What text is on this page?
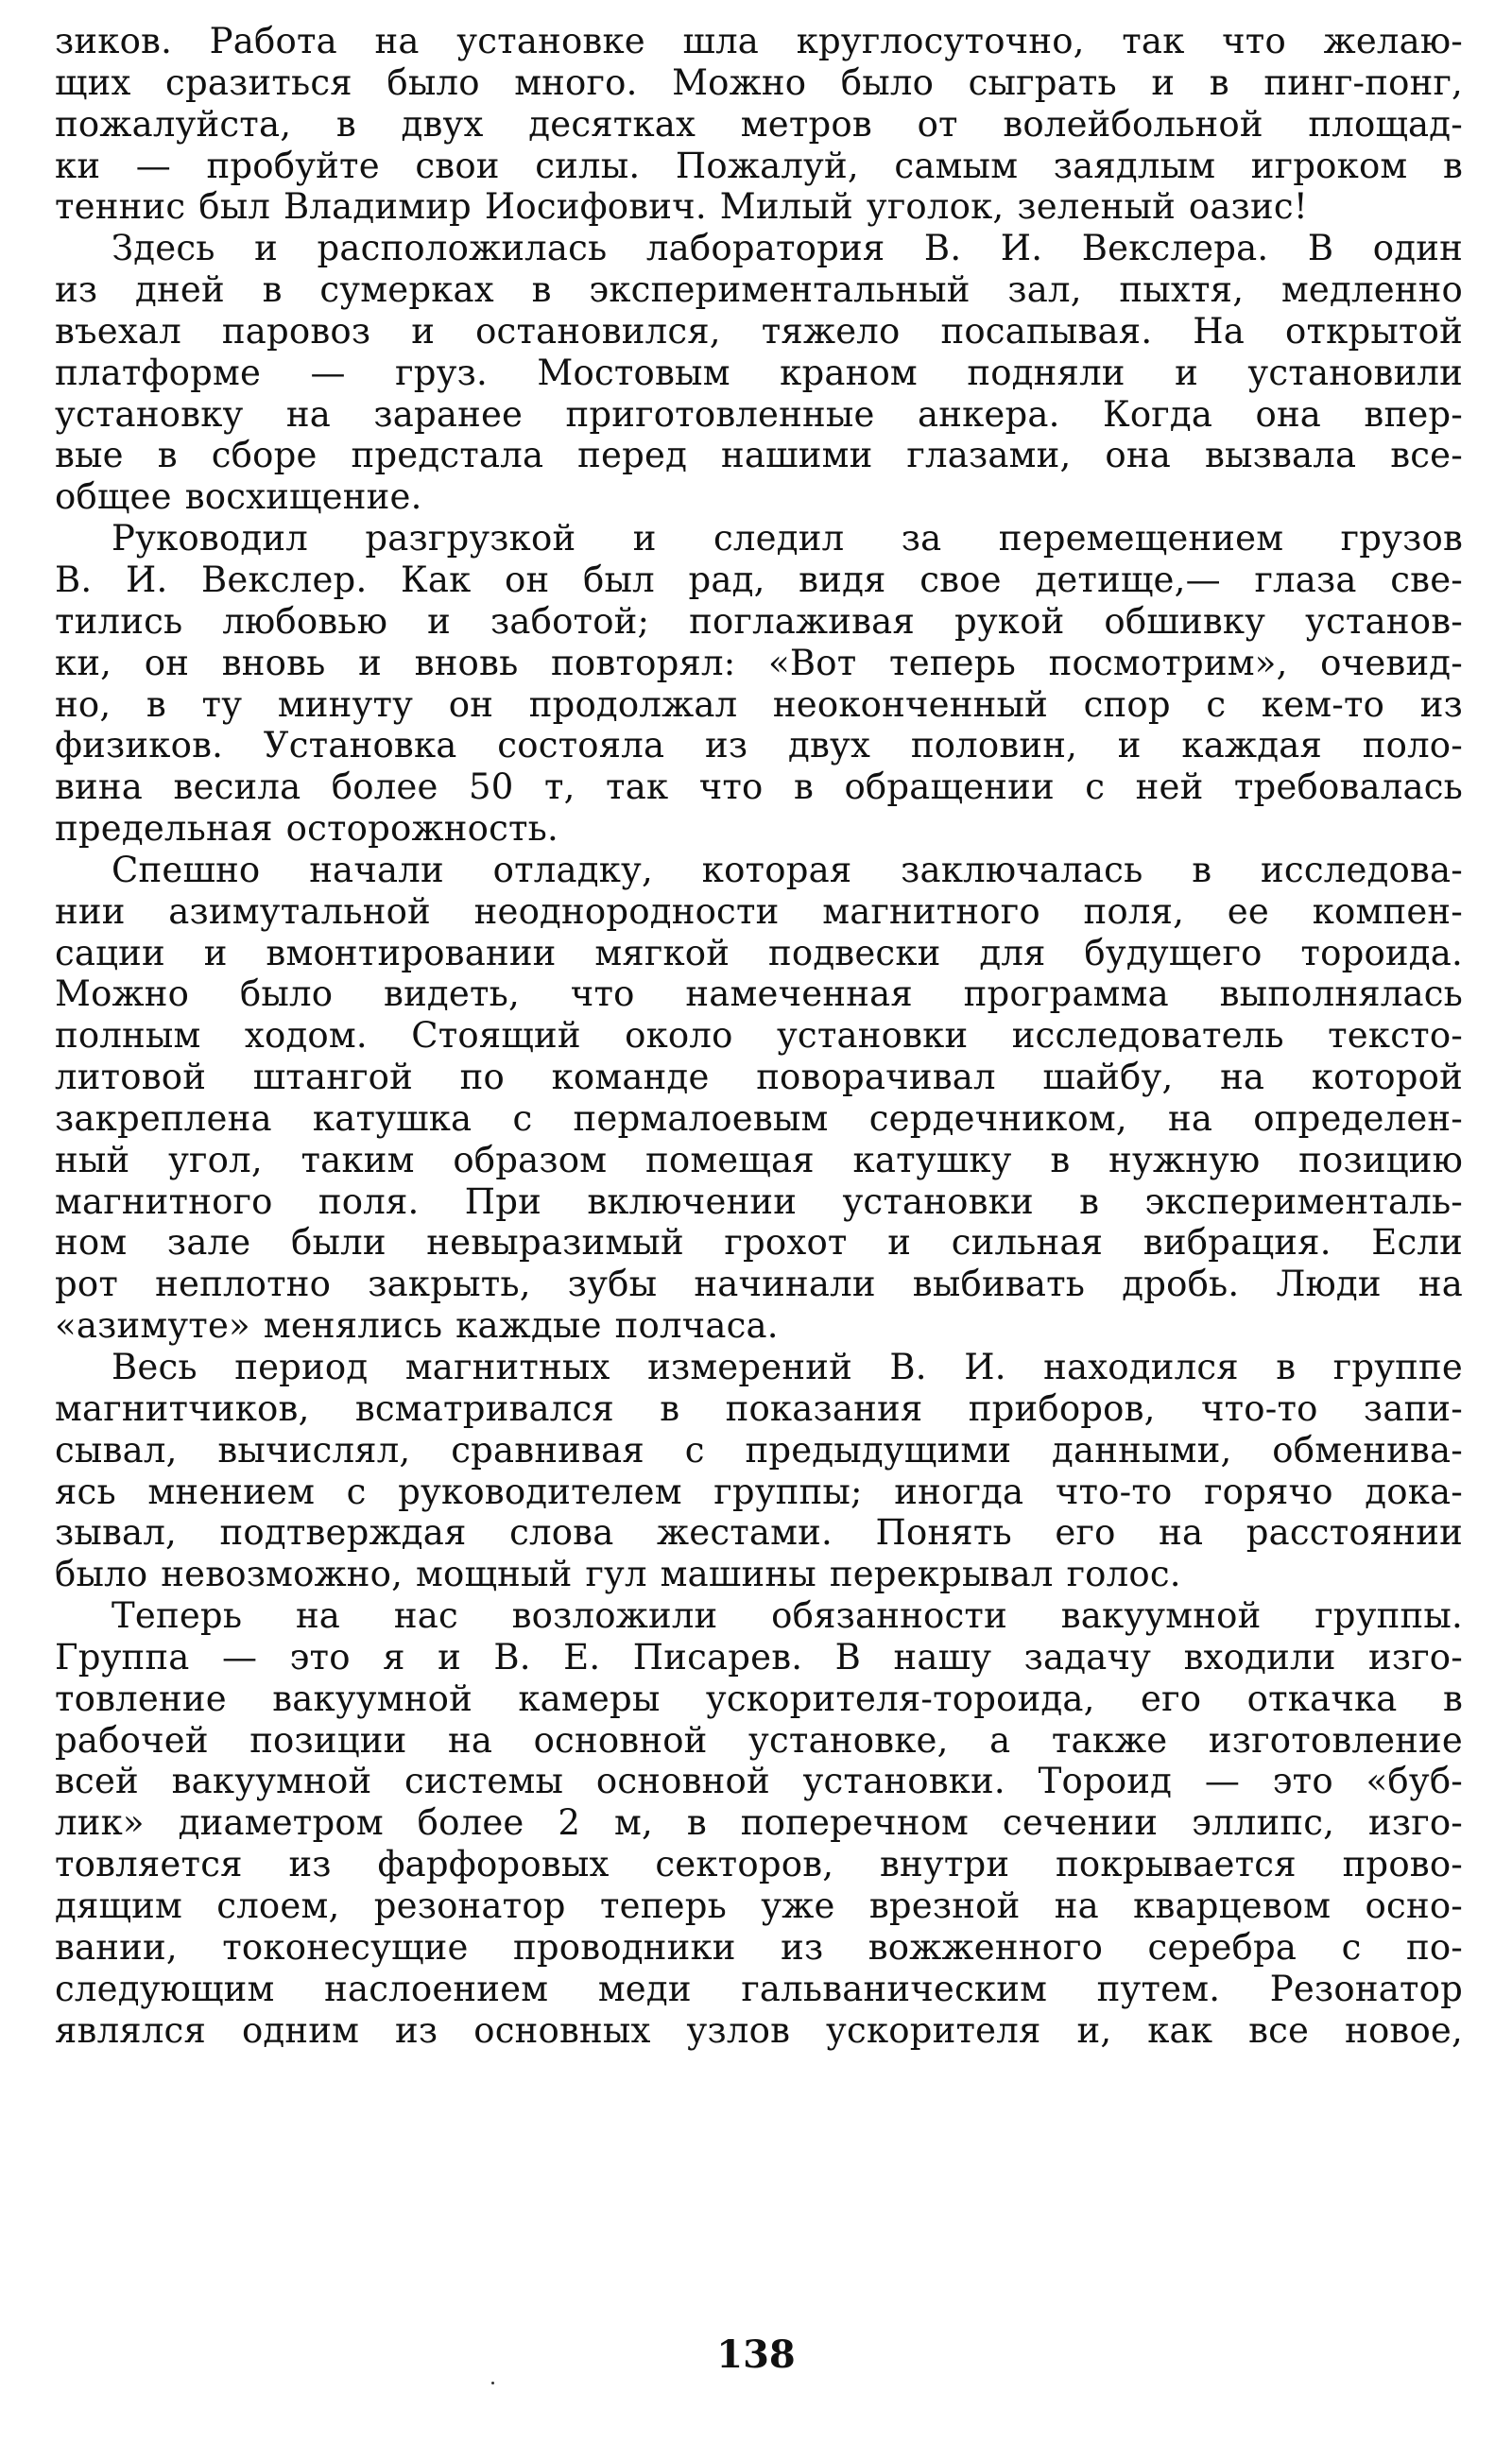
зиков. Работа на установке шла круглосуточно, так что желаю-
щих сразиться было много. Можно было сыграть и в пинг-понг,
пожалуйста, в двух десятках метров от волейбольной площад-
ки — пробуйте свои силы. Пожалуй, самым заядлым игроком в
теннис был Владимир Иосифович. Милый уголок, зеленый оазис!
Здесь и расположилась лаборатория В. И. Векслера. В один
из дней в сумерках в экспериментальный зал, пыхтя, медленно
въехал паровоз и остановился, тяжело посапывая. На открытой
платформе — груз. Мостовым краном подняли и установили
установку на заранее приготовленные анкера. Когда она впер-
вые в сборе предстала перед нашими глазами, она вызвала все-
общее восхищение.
Руководил разгрузкой и следил за перемещением грузов
В. И. Векслер. Как он был рад, видя свое детище,— глаза све-
тились любовью и заботой; поглаживая рукой обшивку установ-
ки, он вновь и вновь повторял: «Вот теперь посмотрим», очевид-
но, в ту минуту он продолжал неоконченный спор с кем-то из
физиков. Установка состояла из двух половин, и каждая поло-
вина весила более 50 т, так что в обращении с ней требовалась
предельная осторожность.
Спешно начали отладку, которая заключалась в исследова-
нии азимутальной неоднородности магнитного поля, ее компен-
сации и вмонтировании мягкой подвески для будущего тороида.
Можно было видеть, что намеченная программа выполнялась
полным ходом. Стоящий около установки исследователь тексто-
литовой штангой по команде поворачивал шайбу, на которой
закреплена катушка с пермалоевым сердечником, на определен-
ный угол, таким образом помещая катушку в нужную позицию
магнитного поля. При включении установки в эксперименталь-
ном зале были невыразимый грохот и сильная вибрация. Если
рот неплотно закрыть, зубы начинали выбивать дробь. Люди на
«азимуте» менялись каждые полчаса.
Весь период магнитных измерений В. И. находился в группе
магнитчиков, всматривался в показания приборов, что-то запи-
сывал, вычислял, сравнивая с предыдущими данными, обменива-
ясь мнением с руководителем группы; иногда что-то горячо дока-
зывал, подтверждая слова жестами. Понять его на расстоянии
было невозможно, мощный гул машины перекрывал голос.
Теперь на нас возложили обязанности вакуумной группы.
Группа — это я и В. Е. Писарев. В нашу задачу входили изго-
товление вакуумной камеры ускорителя-тороида, его откачка в
рабочей позиции на основной установке, а также изготовление
всей вакуумной системы основной установки. Тороид — это «буб-
лик» диаметром более 2 м, в поперечном сечении эллипс, изго-
товляется из фарфоровых секторов, внутри покрывается прово-
дящим слоем, резонатор теперь уже врезной на кварцевом осно-
вании, токонесущие проводники из вожженного серебра с по-
следующим наслоением меди гальваническим путем. Резонатор
являлся одним из основных узлов ускорителя и, как все новое,
138
